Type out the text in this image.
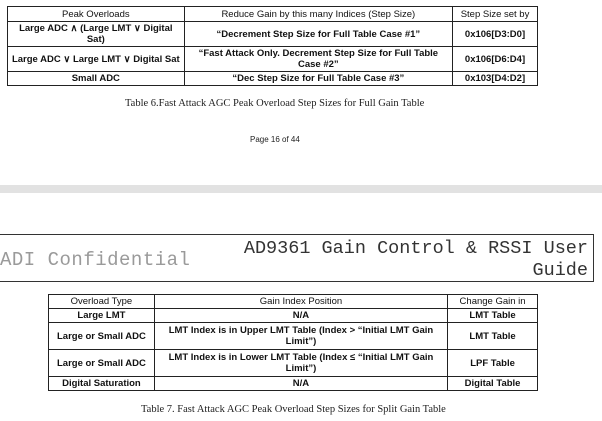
Peak Overloads	Reduce Gain by this many Indices (Step Size)	Step Size set by
Large ADC ∧ (Large LMT ∨ Digital Sat)	“Decrement Step Size for Full Table Case #1”	0x106[D3:D0]
Large ADC ∨ Large LMT ∨ Digital Sat	“Fast Attack Only. Decrement Step Size for Full Table Case #2”	0x106[D6:D4]
Small ADC	“Dec Step Size for Full Table Case #3”	0x103[D4:D2]
Table 6.Fast Attack AGC Peak Overload Step Sizes for Full Gain Table
Page 16 of 44
ADI Confidential
AD9361 Gain Control & RSSI User Guide
Overload Type	Gain Index Position	Change Gain in
Large LMT	N/A	LMT Table
Large or Small ADC	LMT Index is in Upper LMT Table (Index > “Initial LMT Gain Limit”)	LMT Table
Large or Small ADC	LMT Index is in Lower LMT Table (Index ≤ “Initial LMT Gain Limit”)	LPF Table
Digital Saturation	N/A	Digital Table
Table 7. Fast Attack AGC Peak Overload Step Sizes for Split Gain Table
